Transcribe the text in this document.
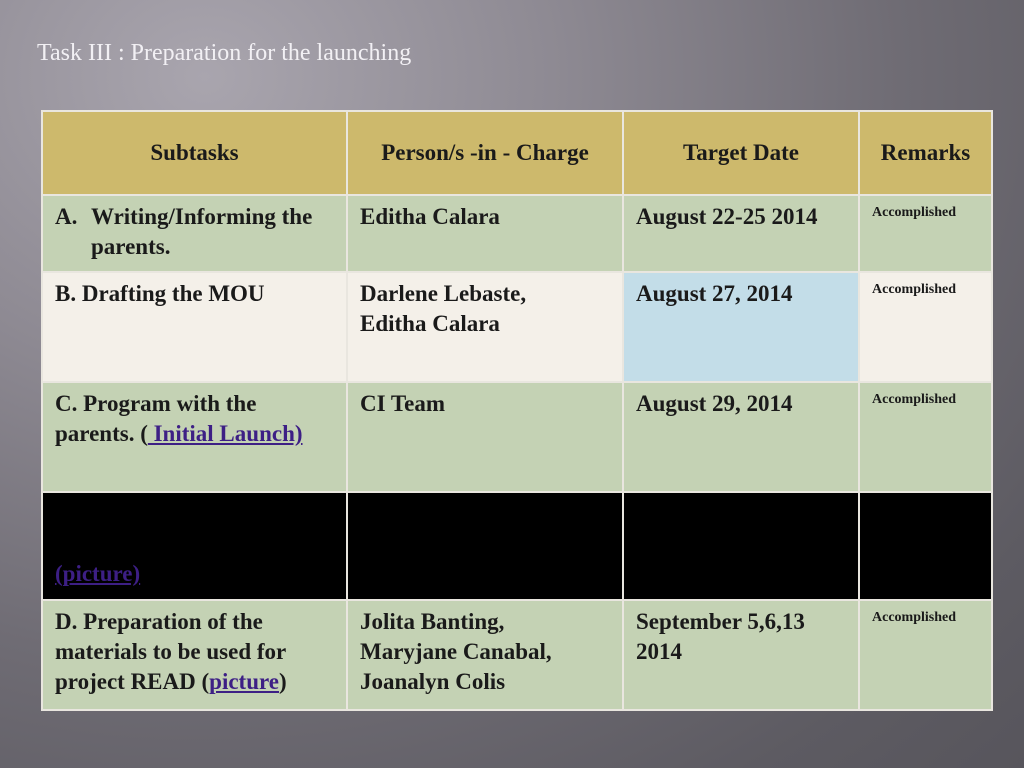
Task III : Preparation for the launching
Subtasks	Person/s -in - Charge	Target Date	Remarks

A. Writing/Informing the parents.	Editha Calara	August 22-25 2014	Accomplished

B. Drafting the MOU	Darlene Lebaste,
Editha Calara	August 27, 2014	Accomplished

C. Program with the parents. ( Initial Launch)	CI Team	August 29, 2014	Accomplished

(picture)			
D. Preparation of the materials to be used for project READ (picture)	Jolita Banting,
Maryjane Canabal,
Joanalyn Colis	September 5,6,13 2014	Accomplished
